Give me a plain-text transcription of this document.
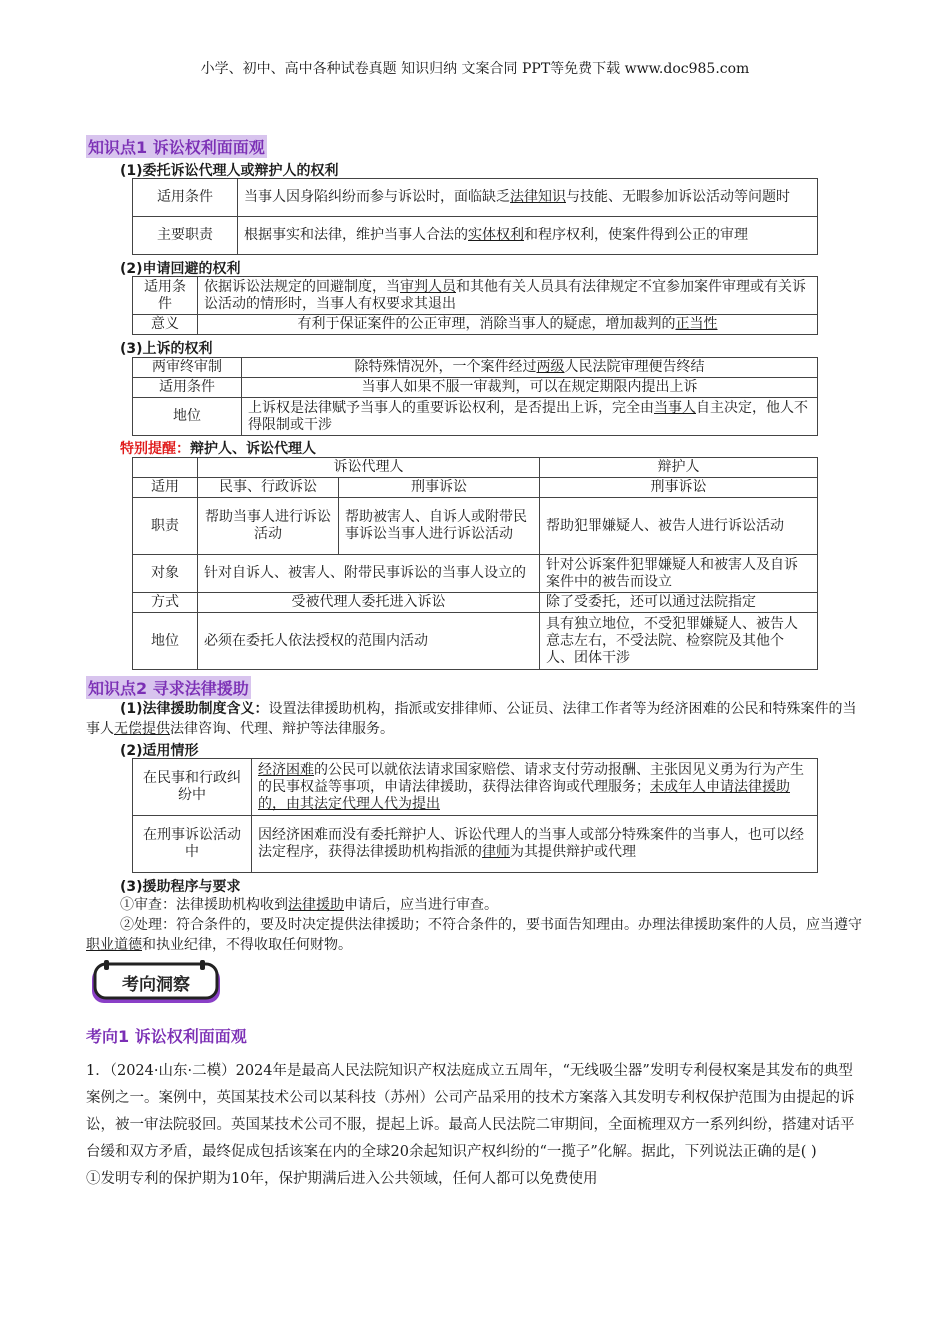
小学、初中、高中各种试卷真题 知识归纳 文案合同 PPT等免费下载 www.doc985.com
知识点1 诉讼权利面面观
(1)委托诉讼代理人或辩护人的权利
适用条件	当事人因身陷纠纷而参与诉讼时，面临缺乏法律知识与技能、无暇参加诉讼活动等问题时
主要职责	根据事实和法律，维护当事人合法的实体权利和程序权利，使案件得到公正的审理
(2)申请回避的权利
适用条件	依据诉讼法规定的回避制度，当审判人员和其他有关人员具有法律规定不宜参加案件审理或有关诉讼活动的情形时，当事人有权要求其退出
意义	有利于保证案件的公正审理，消除当事人的疑虑，增加裁判的正当性
(3)上诉的权利
两审终审制	除特殊情况外，一个案件经过两级人民法院审理便告终结
适用条件	当事人如果不服一审裁判，可以在规定期限内提出上诉
地位	上诉权是法律赋予当事人的重要诉讼权利，是否提出上诉，完全由当事人自主决定，他人不得限制或干涉
特别提醒：辩护人、诉讼代理人
	诉讼代理人		辩护人
适用	民事、行政诉讼	刑事诉讼	刑事诉讼
职责	帮助当事人进行诉讼活动	帮助被害人、自诉人或附带民事诉讼当事人进行诉讼活动	帮助犯罪嫌疑人、被告人进行诉讼活动
对象	针对自诉人、被害人、附带民事诉讼的当事人设立的		针对公诉案件犯罪嫌疑人和被害人及自诉案件中的被告而设立
方式	受被代理人委托进入诉讼		除了受委托，还可以通过法院指定
地位	必须在委托人依法授权的范围内活动		具有独立地位，不受犯罪嫌疑人、被告人意志左右，不受法院、检察院及其他个人、团体干涉
知识点2 寻求法律援助

(1)法律援助制度含义：设置法律援助机构，指派或安排律师、公证员、法律工作者等为经济困难的公民和特殊案件的当事人无偿提供法律咨询、代理、辩护等法律服务。

(2)适用情形
在民事和行政纠纷中	经济困难的公民可以就依法请求国家赔偿、请求支付劳动报酬、主张因见义勇为行为产生的民事权益等事项，申请法律援助，获得法律咨询或代理服务；未成年人申请法律援助的，由其法定代理人代为提出
在刑事诉讼活动中	因经济困难而没有委托辩护人、诉讼代理人的当事人或部分特殊案件的当事人，也可以经法定程序，获得法律援助机构指派的律师为其提供辩护或代理
(3)援助程序与要求

①审查：法律援助机构收到法律援助申请后，应当进行审查。

②处理：符合条件的，要及时决定提供法律援助；不符合条件的，要书面告知理由。办理法律援助案件的人员，应当遵守职业道德和执业纪律，不得收取任何财物。

考向洞察
考向1 诉讼权利面面观

1．（2024·山东·二模）2024年是最高人民法院知识产权法庭成立五周年，“无线吸尘器”发明专利侵权案是其发布的典型案例之一。案例中，英国某技术公司以某科技（苏州）公司产品采用的技术方案落入其发明专利权保护范围为由提起的诉讼，被一审法院驳回。英国某技术公司不服，提起上诉。最高人民法院二审期间，全面梳理双方一系列纠纷，搭建对话平台缓和双方矛盾，最终促成包括该案在内的全球20余起知识产权纠纷的“一揽子”化解。据此，下列说法正确的是( )

①发明专利的保护期为10年，保护期满后进入公共领域，任何人都可以免费使用
